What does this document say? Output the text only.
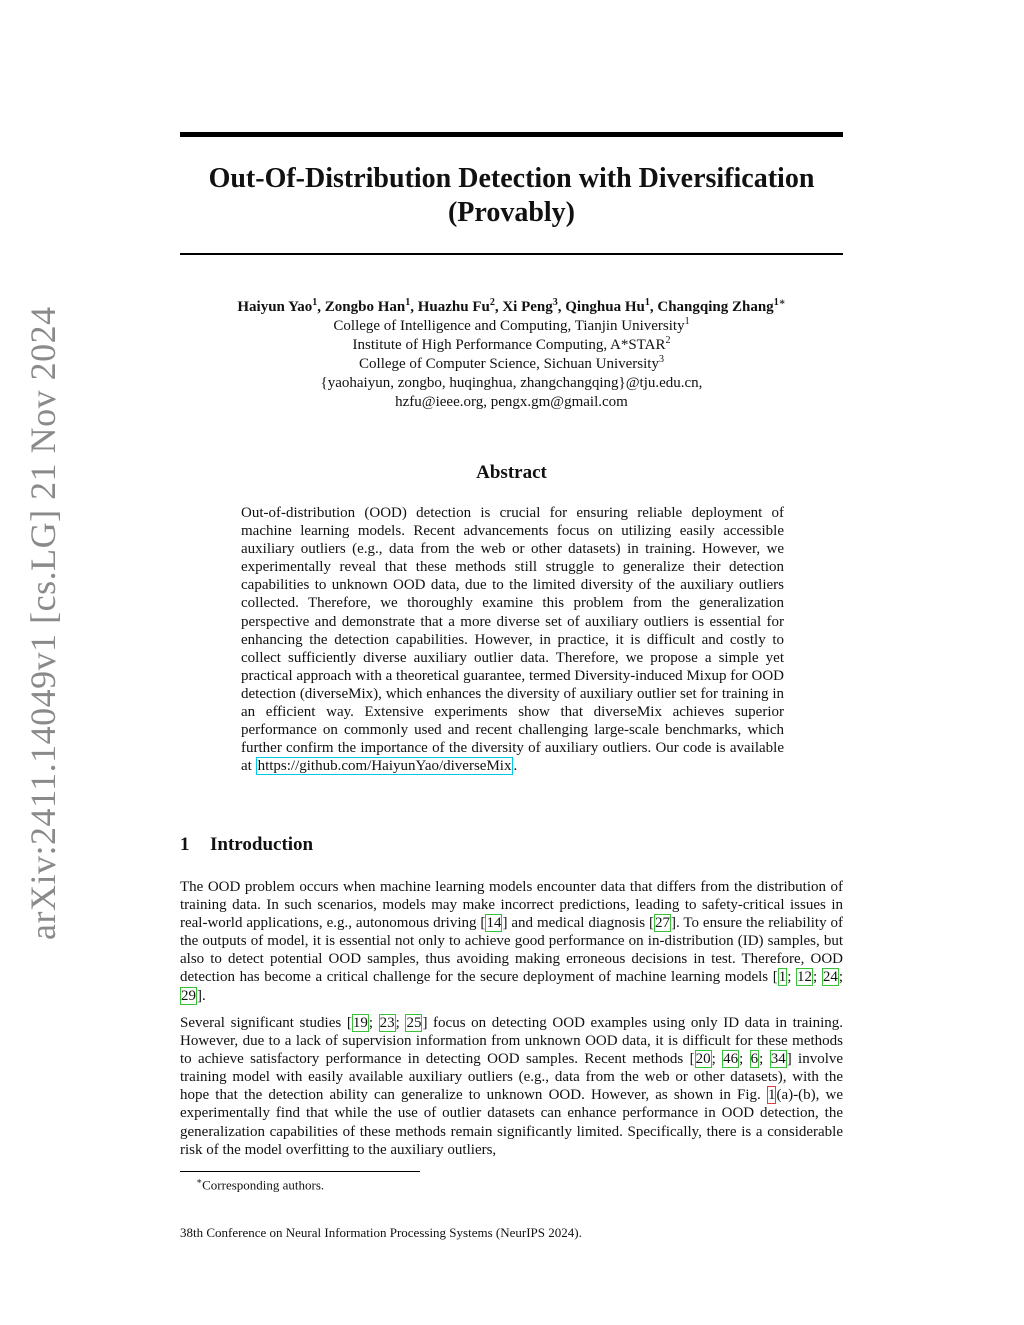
arXiv:2411.14049v1 [cs.LG] 21 Nov 2024
Out-Of-Distribution Detection with Diversification
(Provably)
Haiyun Yao$^1$, Zongbo Han$^1$, Huazhu Fu$^2$, Xi Peng$^3$, Qinghua Hu$^1$, Changqing Zhang$^{1∗}$
College of Intelligence and Computing, Tianjin University$^1$
Institute of High Performance Computing, A*STAR$^2$
College of Computer Science, Sichuan University$^3$
{yaohaiyun, zongbo, huqinghua, zhangchangqing}@tju.edu.cn,
hzfu@ieee.org, pengx.gm@gmail.com
Abstract
Out-of-distribution (OOD) detection is crucial for ensuring reliable deployment of machine learning models. Recent advancements focus on utilizing easily accessible auxiliary outliers (e.g., data from the web or other datasets) in training. However, we experimentally reveal that these methods still struggle to generalize their detection capabilities to unknown OOD data, due to the limited diversity of the auxiliary outliers collected. Therefore, we thoroughly examine this problem from the generalization perspective and demonstrate that a more diverse set of auxiliary outliers is essential for enhancing the detection capabilities. However, in practice, it is difficult and costly to collect sufficiently diverse auxiliary outlier data. Therefore, we propose a simple yet practical approach with a theoretical guarantee, termed Diversity-induced Mixup for OOD detection (diverseMix), which enhances the diversity of auxiliary outlier set for training in an efficient way. Extensive experiments show that diverseMix achieves superior performance on commonly used and recent challenging large-scale benchmarks, which further confirm the importance of the diversity of auxiliary outliers. Our code is available at https://github.com/HaiyunYao/diverseMix .
1 Introduction

The OOD problem occurs when machine learning models encounter data that differs from the distribution of training data. In such scenarios, models may make incorrect predictions, leading to safety-critical issues in real-world applications, e.g., autonomous driving [14] and medical diagnosis [27]. To ensure the reliability of the outputs of model, it is essential not only to achieve good performance on in-distribution (ID) samples, but also to detect potential OOD samples, thus avoiding making erroneous decisions in test. Therefore, OOD detection has become a critical challenge for the secure deployment of machine learning models [1; 12; 24; 29].

Several significant studies [19; 23; 25] focus on detecting OOD examples using only ID data in training. However, due to a lack of supervision information from unknown OOD data, it is difficult for these methods to achieve satisfactory performance in detecting OOD samples. Recent methods [20; 46; 6; 34] involve training model with easily available auxiliary outliers (e.g., data from the web or other datasets), with the hope that the detection ability can generalize to unknown OOD. However, as shown in Fig. 1(a)-(b), we experimentally find that while the use of outlier datasets can enhance performance in OOD detection, the generalization capabilities of these methods remain significantly limited. Specifically, there is a considerable risk of the model overfitting to the auxiliary outliers,

∗Corresponding authors.
38th Conference on Neural Information Processing Systems (NeurIPS 2024).
